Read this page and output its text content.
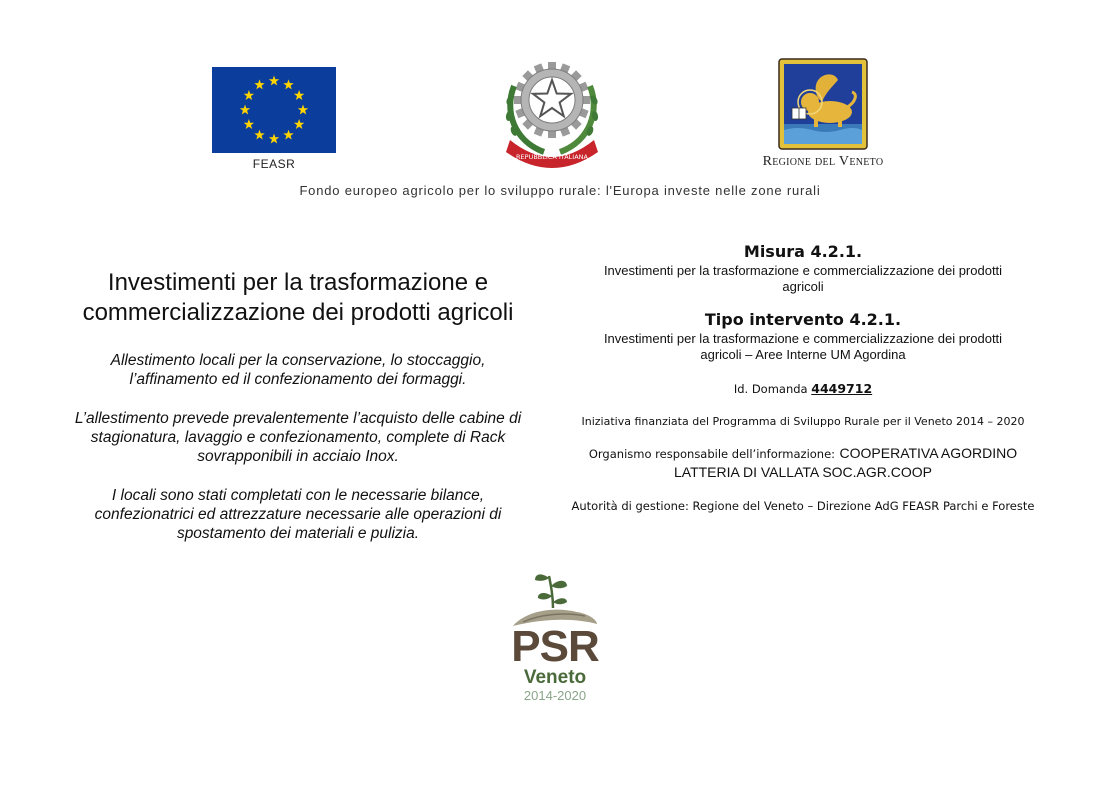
FEASR	REPUBBLICA ITALIANA	Regione del Veneto
Fondo europeo agricolo per lo sviluppo rurale: l'Europa investe nelle zone rurali
Investimenti per la trasformazione e
commercializzazione dei prodotti agricoli

Allestimento locali per la conservazione, lo stoccaggio,
l’affinamento ed il confezionamento dei formaggi.

L’allestimento prevede prevalentemente l’acquisto delle cabine di
stagionatura, lavaggio e confezionamento, complete di Rack
sovrapponibili in acciaio Inox.

I locali sono stati completati con le necessarie bilance,
confezionatrici ed attrezzature necessarie alle operazioni di
spostamento dei materiali e pulizia.

Misura 4.2.1.
Investimenti per la trasformazione e commercializzazione dei prodotti
agricoli
Tipo intervento 4.2.1.
Investimenti per la trasformazione e commercializzazione dei prodotti
agricoli – Aree Interne UM Agordina
Id. Domanda 4449712
Iniziativa finanziata del Programma di Sviluppo Rurale per il Veneto 2014 – 2020
Organismo responsabile dell’informazione: COOPERATIVA AGORDINO
LATTERIA DI VALLATA SOC.AGR.COOP
Autorità di gestione: Regione del Veneto – Direzione AdG FEASR Parchi e Foreste
PSR
Veneto
2014-2020
